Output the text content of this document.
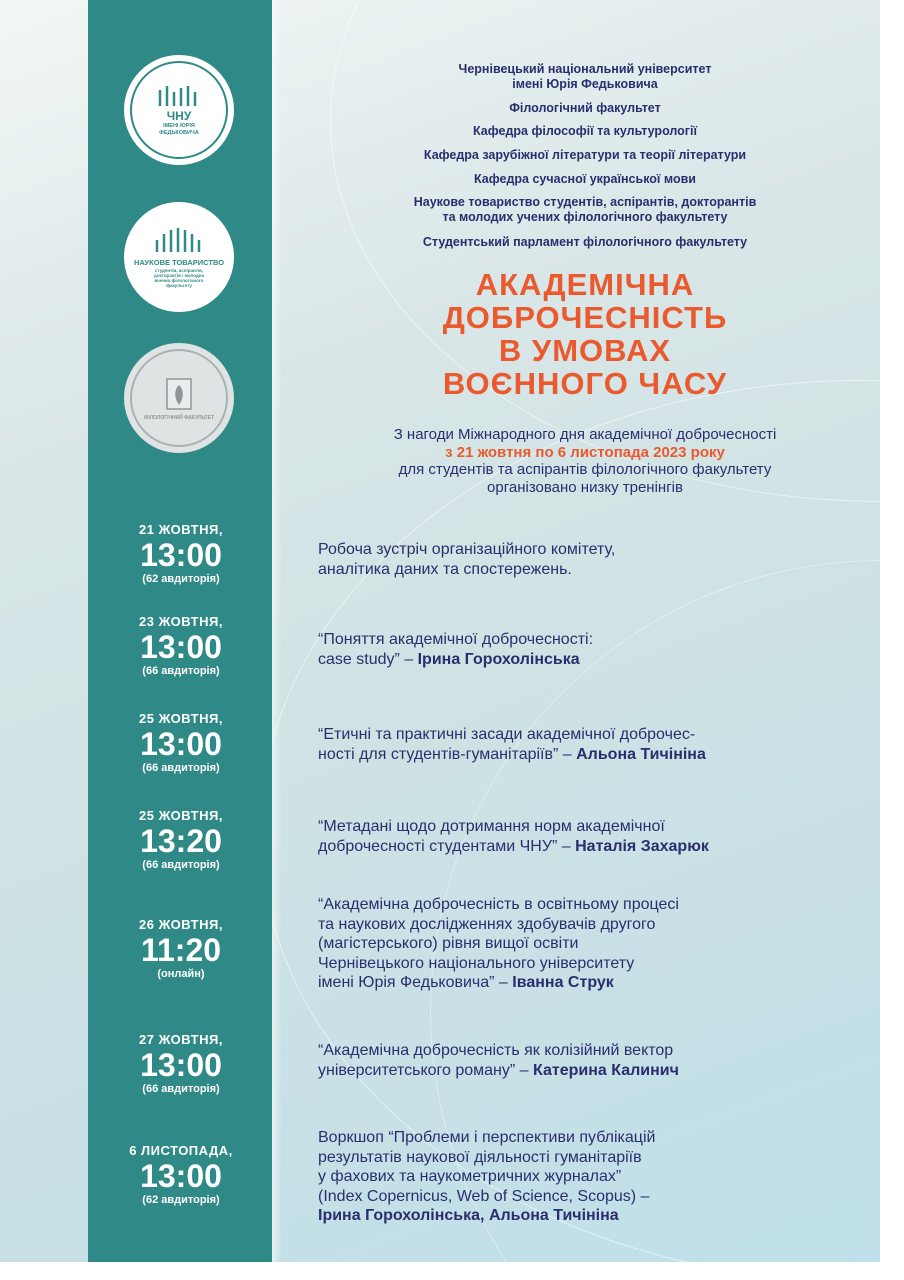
ЧНУ
ІМЕНІ ЮРІЯ ФЕДЬКОВИЧА
НАУКОВЕ ТОВАРИСТВО
студентів, аспірантів, докторантів і молодих вчених філологічного факультету
ФІЛОЛОГІЧНИЙ ФАКУЛЬТЕТ
Чернівецький національний університет
імені Юрія Федьковича
Філологічний факультет
Кафедра філософії та культурології
Кафедра зарубіжної літератури та теорії літератури
Кафедра сучасної української мови
Наукове товариство студентів, аспірантів, докторантів
та молодих учених філологічного факультету
Студентський парламент філологічного факультету
АКАДЕМІЧНА
ДОБРОЧЕСНІСТЬ
В УМОВАХ
ВОЄННОГО ЧАСУ
З нагоди Міжнародного дня академічної доброчесності
з 21 жовтня по 6 листопада 2023 року
для студентів та аспірантів філологічного факультету
організовано низку тренінгів
21 ЖОВТНЯ,
13:00
(62 авдиторія)
Робоча зустріч організаційного комітету,
аналітика даних та спостережень.
23 ЖОВТНЯ,
13:00
(66 авдиторія)
“Поняття академічної доброчесності:
case study” – Ірина Горохолінська
25 ЖОВТНЯ,
13:00
(66 авдиторія)
“Етичні та практичні засади академічної доброчес-
ності для студентів-гуманітаріїв” – Альона Тичініна
25 ЖОВТНЯ,
13:20
(66 авдиторія)
“Метадані щодо дотримання норм академічної
доброчесності студентами ЧНУ” – Наталія Захарюк
26 ЖОВТНЯ,
11:20
(онлайн)
“Академічна доброчесність в освітньому процесі
та наукових дослідженнях здобувачів другого
(магістерського) рівня вищої освіти
Чернівецького національного університету
імені Юрія Федьковича” – Іванна Струк
27 ЖОВТНЯ,
13:00
(66 авдиторія)
“Академічна доброчесність як колізійний вектор
університетського роману” – Катерина Калинич
6 ЛИСТОПАДА,
13:00
(62 авдиторія)
Воркшоп “Проблеми і перспективи публікацій
результатів наукової діяльності гуманітаріїв
у фахових та наукометричних журналах”
(Index Copernicus, Web of Science, Scopus) –
Ірина Горохолінська, Альона Тичініна
